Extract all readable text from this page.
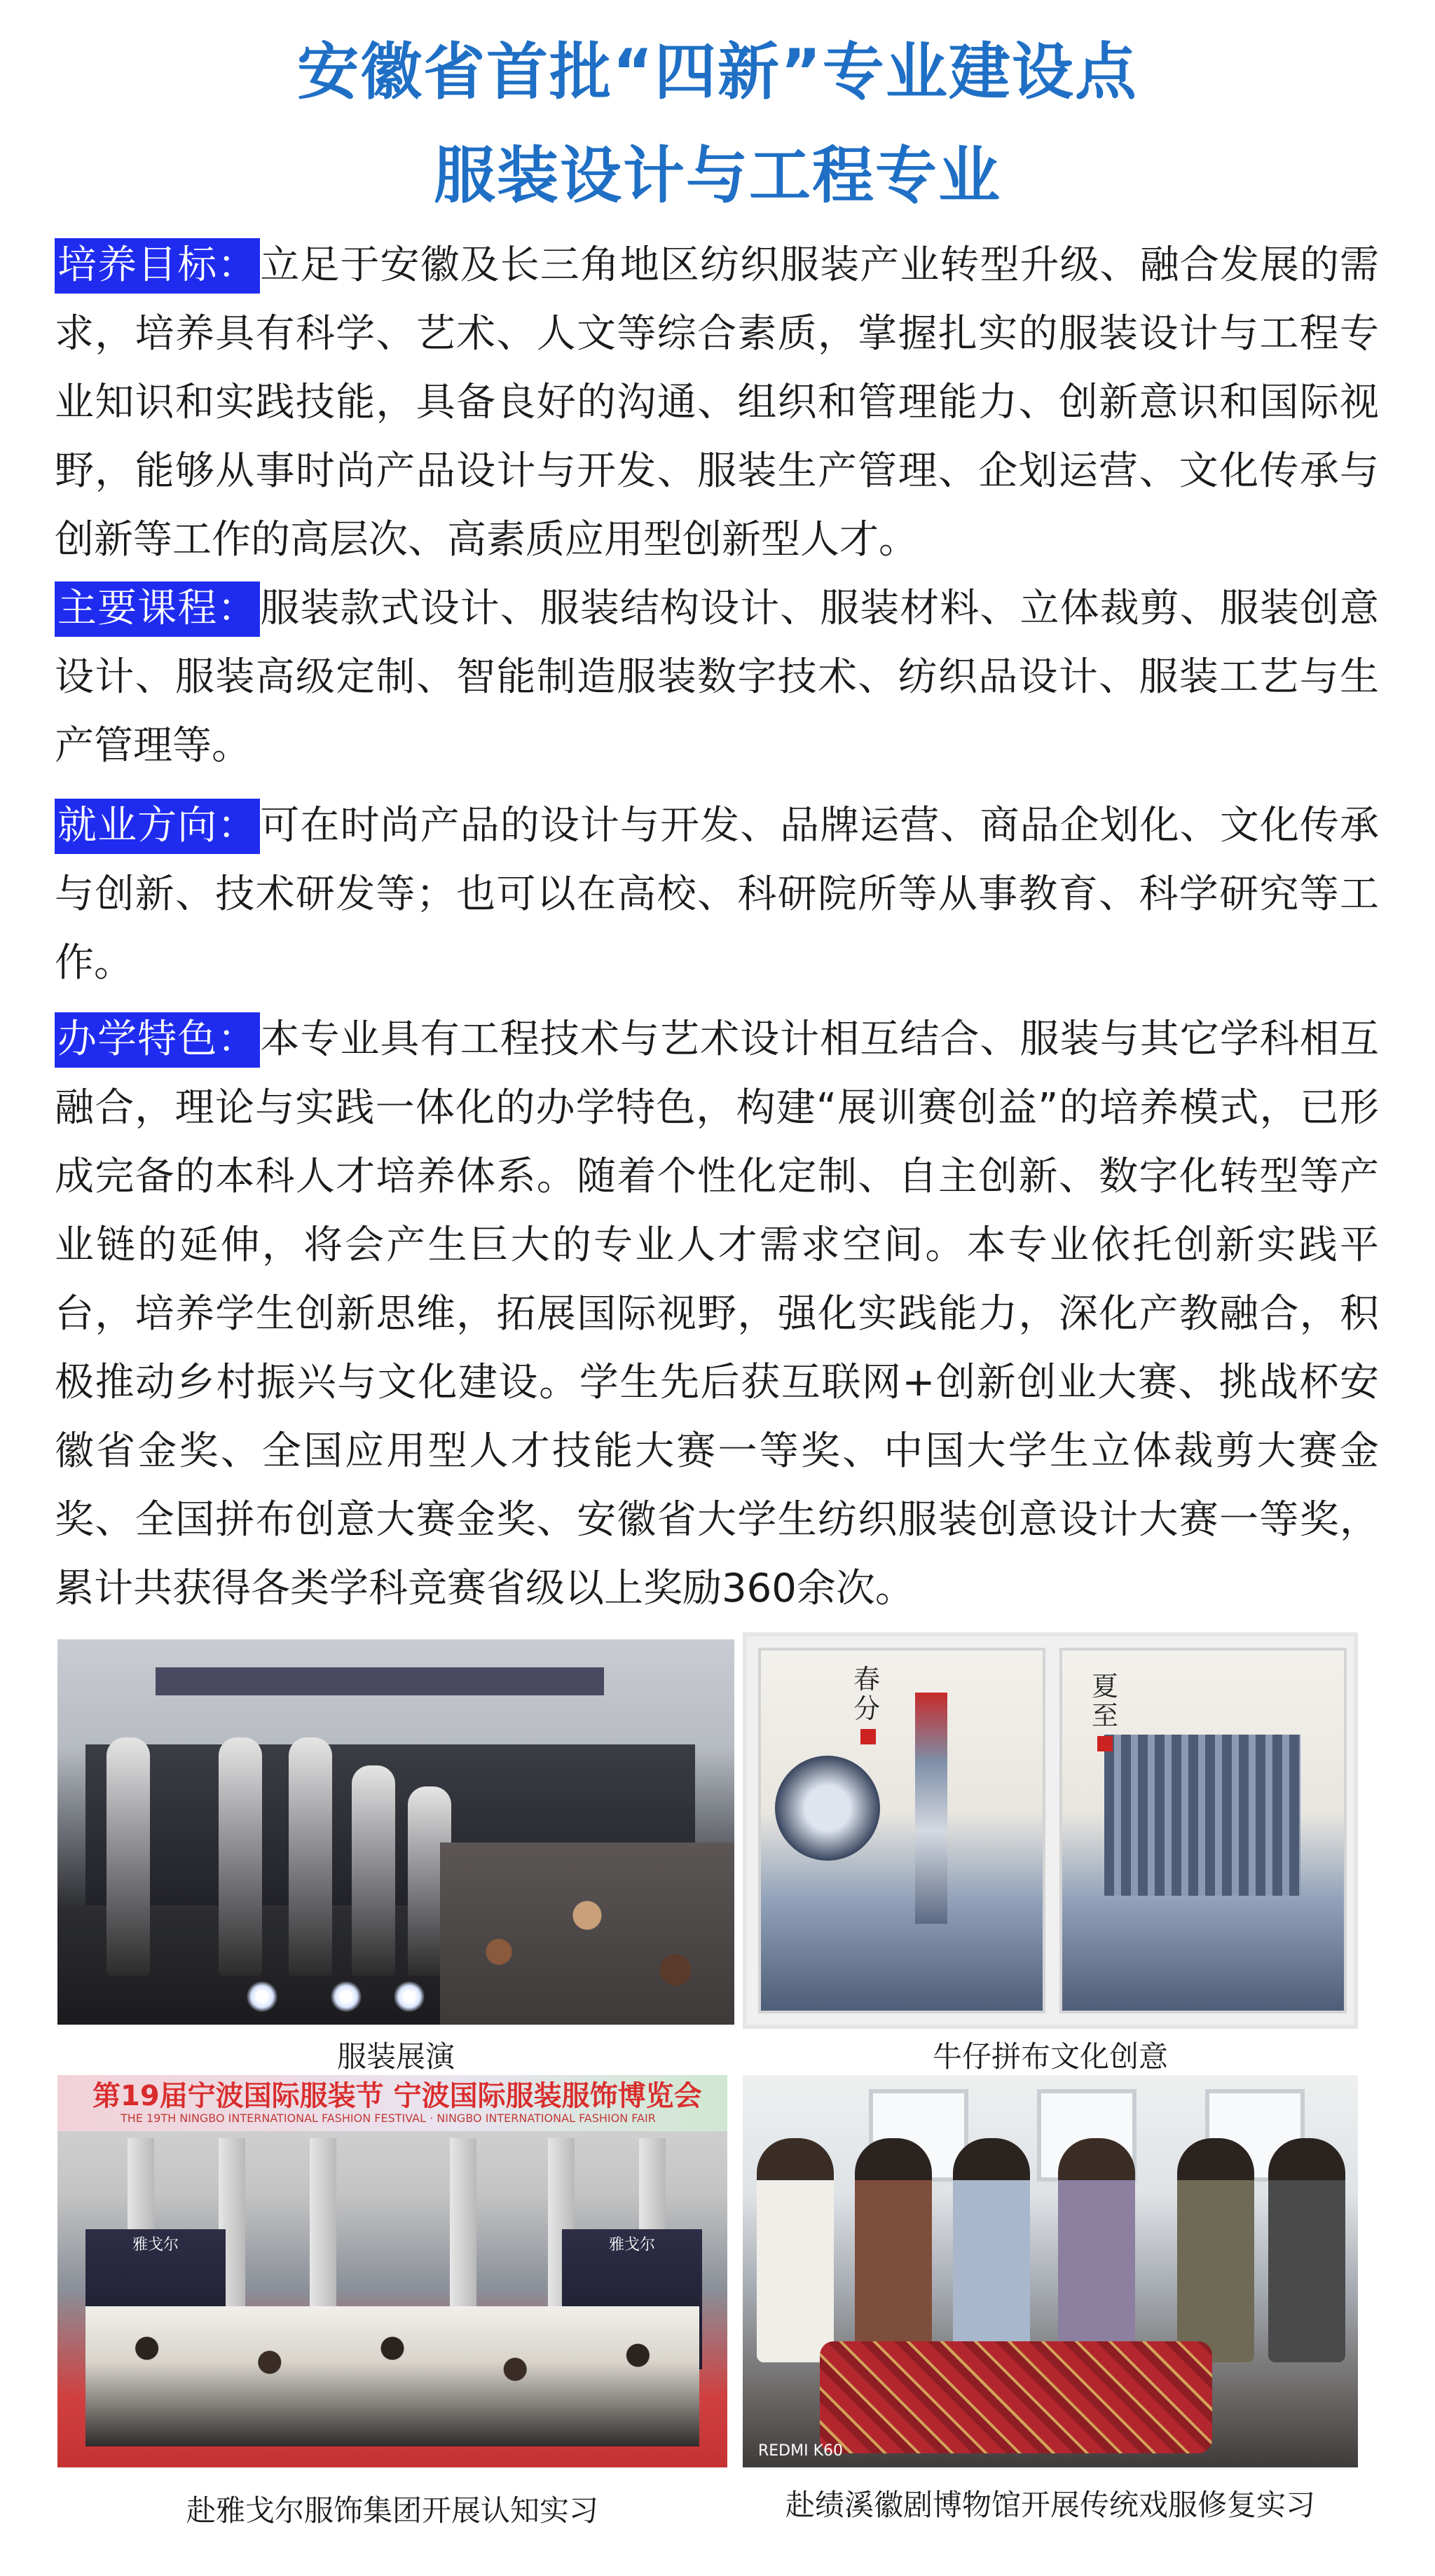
安徽省首批“四新”专业建设点
服装设计与工程专业
培养目标：立足于安徽及长三角地区纺织服装产业转型升级、融合发展的需求，培养具有科学、艺术、人文等综合素质，掌握扎实的服装设计与工程专业知识和实践技能，具备良好的沟通、组织和管理能力、创新意识和国际视野，能够从事时尚产品设计与开发、服装生产管理、企划运营、文化传承与创新等工作的高层次、高素质应用型创新型人才。
主要课程：服装款式设计、服装结构设计、服装材料、立体裁剪、服装创意设计、服装高级定制、智能制造服装数字技术、纺织品设计、服装工艺与生产管理等。
就业方向：可在时尚产品的设计与开发、品牌运营、商品企划化、文化传承与创新、技术研发等；也可以在高校、科研院所等从事教育、科学研究等工作。
办学特色：本专业具有工程技术与艺术设计相互结合、服装与其它学科相互融合，理论与实践一体化的办学特色，构建“展训赛创益”的培养模式，已形成完备的本科人才培养体系。随着个性化定制、自主创新、数字化转型等产业链的延伸，将会产生巨大的专业人才需求空间。本专业依托创新实践平台，培养学生创新思维，拓展国际视野，强化实践能力，深化产教融合，积极推动乡村振兴与文化建设。学生先后获互联网+创新创业大赛、挑战杯安徽省金奖、全国应用型人才技能大赛一等奖、中国大学生立体裁剪大赛金奖、全国拼布创意大赛金奖、安徽省大学生纺织服装创意设计大赛一等奖，累计共获得各类学科竞赛省级以上奖励360余次。
服装展演
春分
夏至
牛仔拼布文化创意
第19届宁波国际服装节 宁波国际服装服饰博览会
THE 19TH NINGBO INTERNATIONAL FASHION FESTIVAL · NINGBO INTERNATIONAL FASHION FAIR
雅戈尔	雅戈尔
赴雅戈尔服饰集团开展认知实习
REDMI K60
赴绩溪徽剧博物馆开展传统戏服修复实习
